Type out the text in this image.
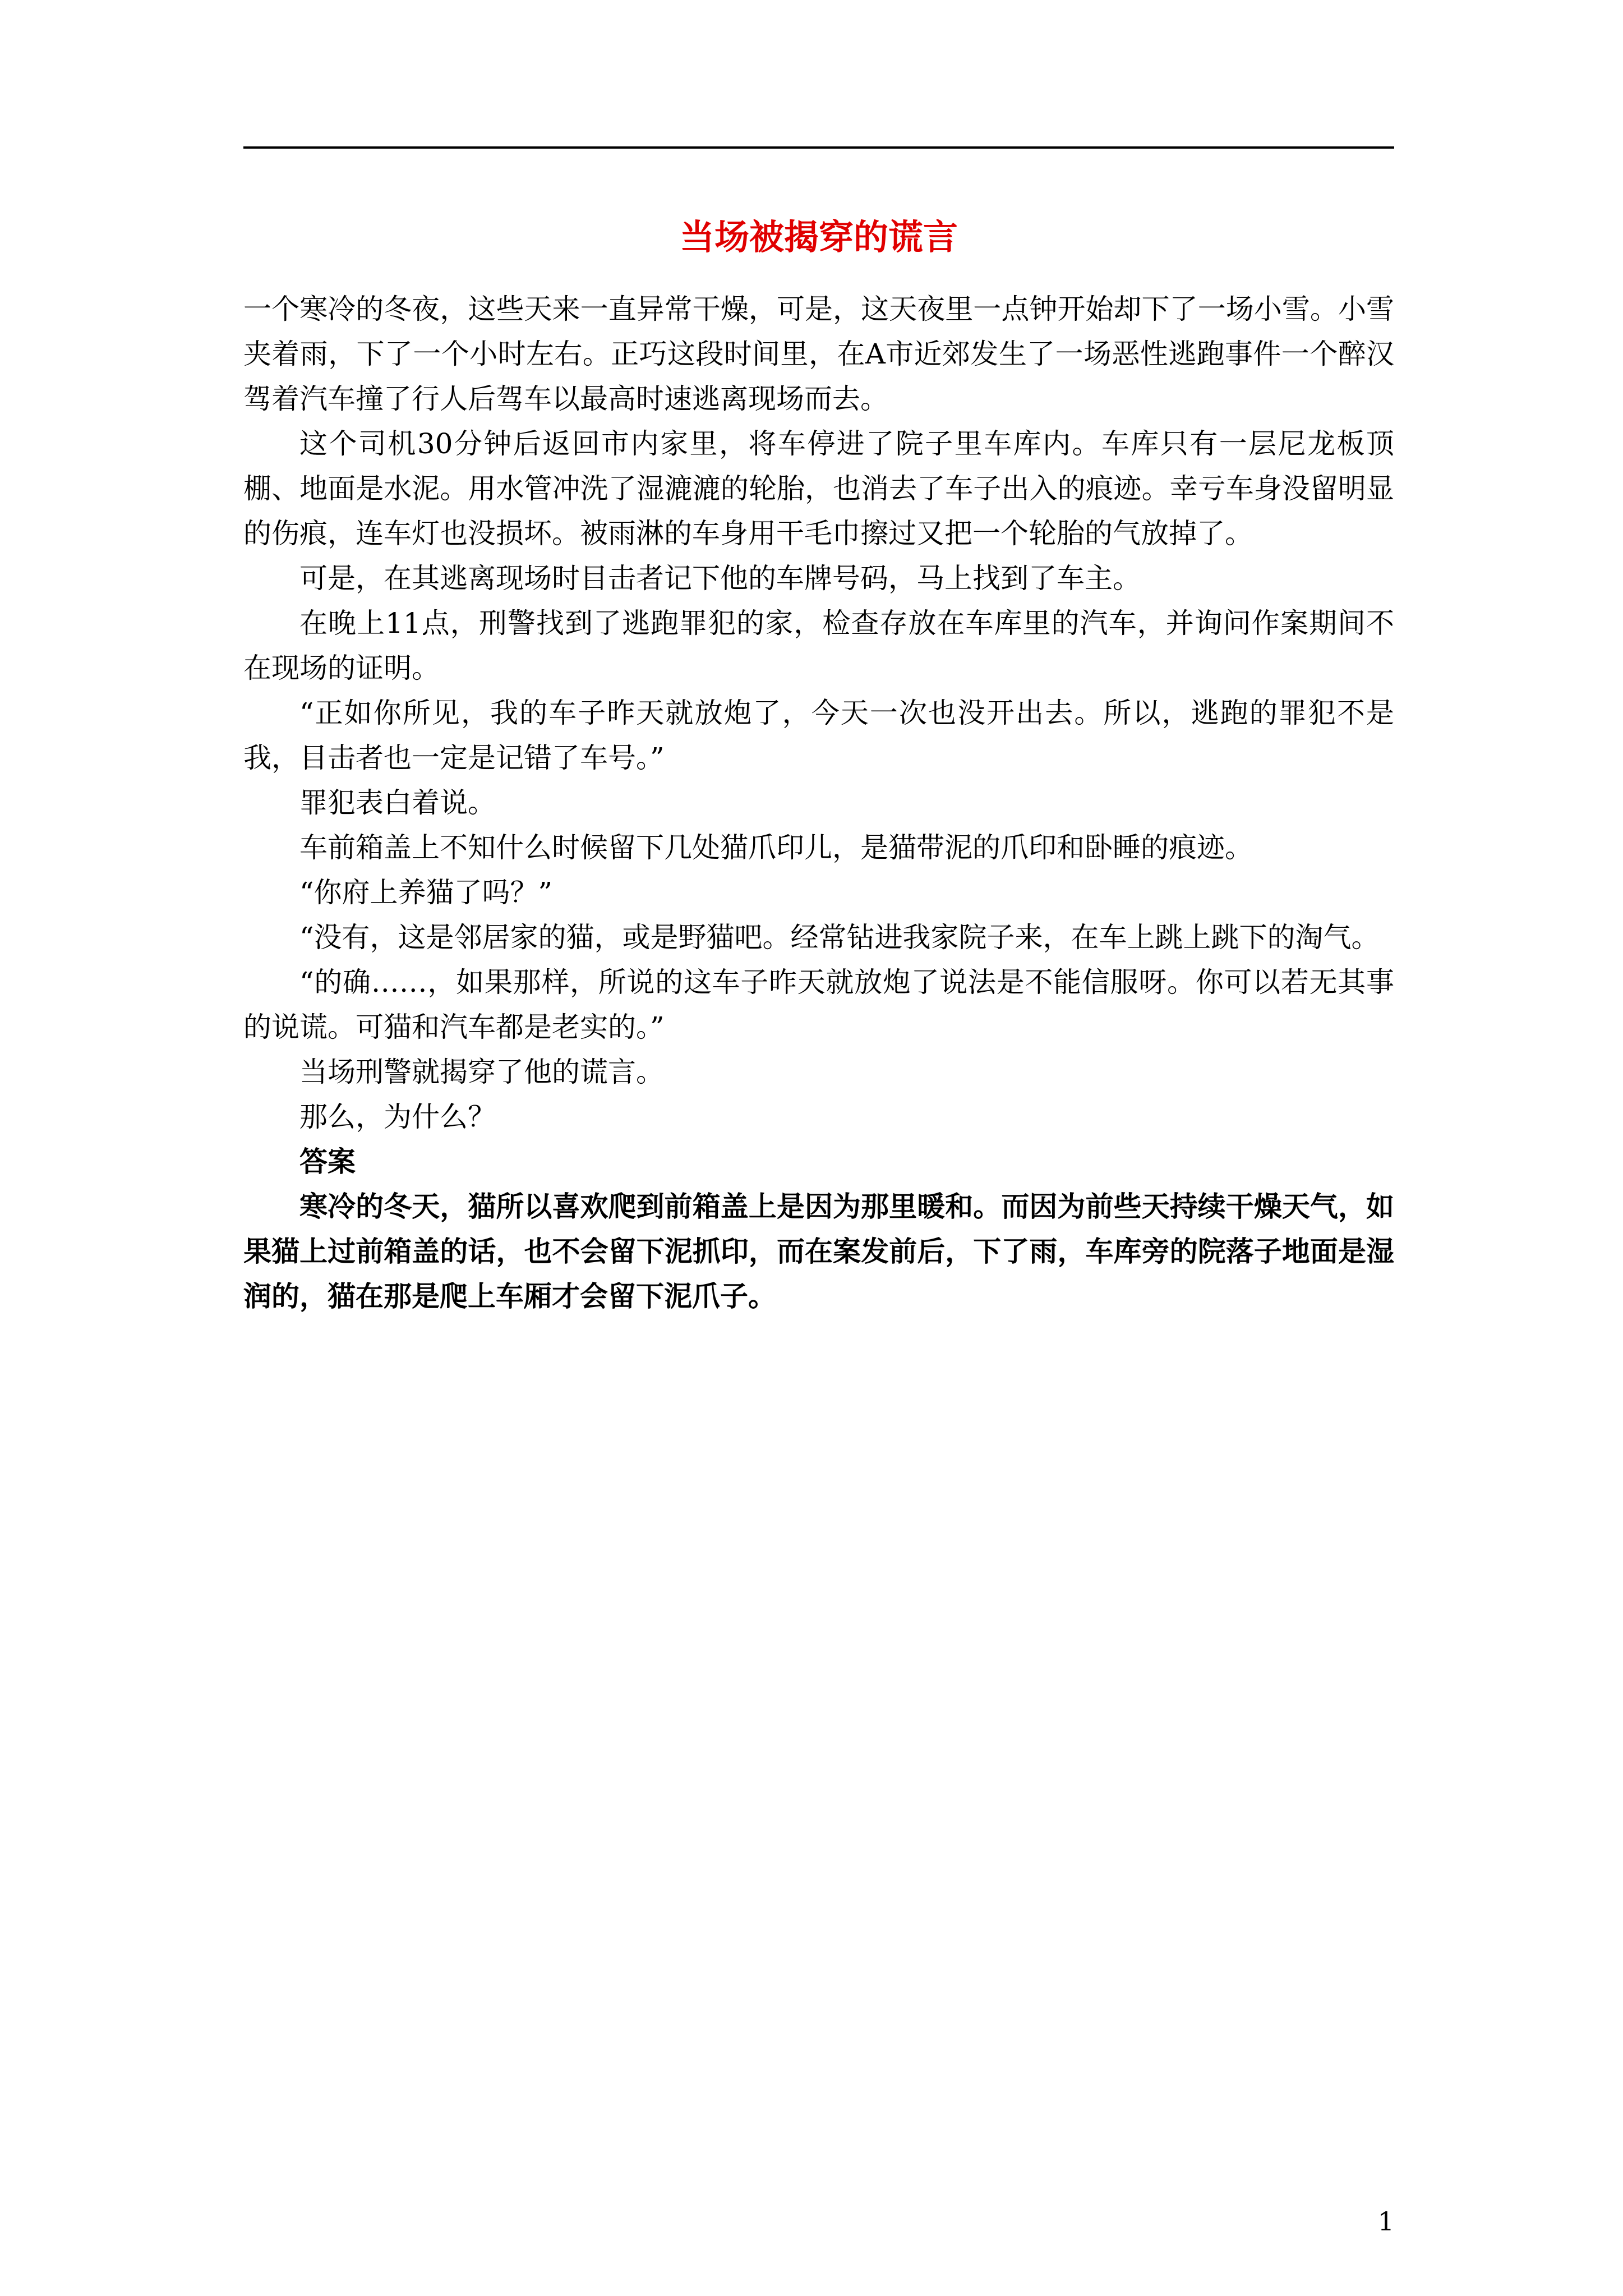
当场被揭穿的谎言

一个寒冷的冬夜，这些天来一直异常干燥，可是，这天夜里一点钟开始却下了一场小雪。小雪夹着雨，下了一个小时左右。正巧这段时间里，在A市近郊发生了一场恶性逃跑事件一个醉汉驾着汽车撞了行人后驾车以最高时速逃离现场而去。

这个司机30分钟后返回市内家里，将车停进了院子里车库内。车库只有一层尼龙板顶棚、地面是水泥。用水管冲洗了湿漉漉的轮胎，也消去了车子出入的痕迹。幸亏车身没留明显的伤痕，连车灯也没损坏。被雨淋的车身用干毛巾擦过又把一个轮胎的气放掉了。

可是，在其逃离现场时目击者记下他的车牌号码，马上找到了车主。

在晚上11点，刑警找到了逃跑罪犯的家，检查存放在车库里的汽车，并询问作案期间不在现场的证明。

“正如你所见，我的车子昨天就放炮了，今天一次也没开出去。所以，逃跑的罪犯不是我，目击者也一定是记错了车号。”

罪犯表白着说。

车前箱盖上不知什么时候留下几处猫爪印儿，是猫带泥的爪印和卧睡的痕迹。

“你府上养猫了吗？”

“没有，这是邻居家的猫，或是野猫吧。经常钻进我家院子来，在车上跳上跳下的淘气。

“的确……，如果那样，所说的这车子昨天就放炮了说法是不能信服呀。你可以若无其事的说谎。可猫和汽车都是老实的。”

当场刑警就揭穿了他的谎言。

那么，为什么？

答案

寒冷的冬天，猫所以喜欢爬到前箱盖上是因为那里暖和。而因为前些天持续干燥天气，如果猫上过前箱盖的话，也不会留下泥抓印，而在案发前后，下了雨，车库旁的院落子地面是湿润的，猫在那是爬上车厢才会留下泥爪子。

1
